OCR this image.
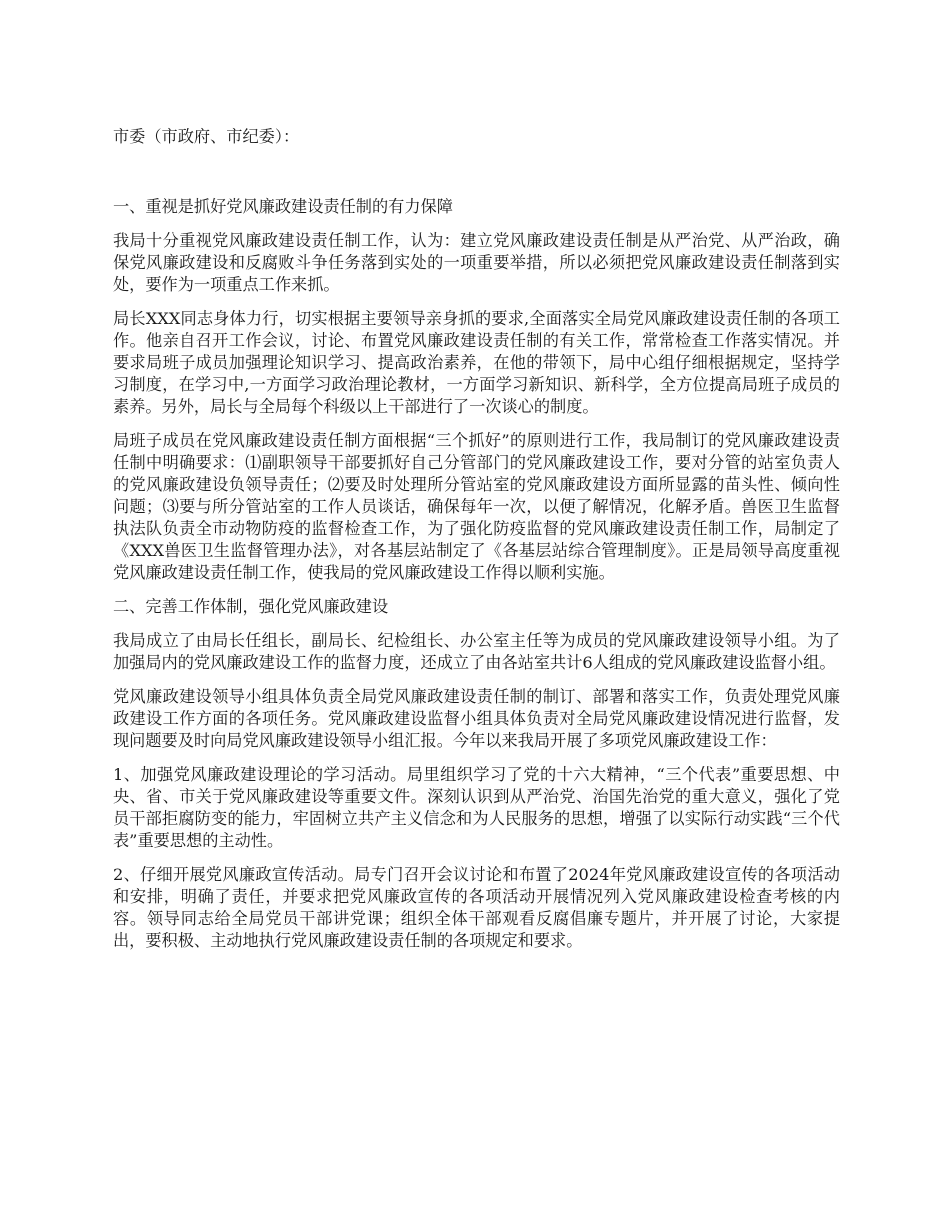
市委（市政府、市纪委）：

一、重视是抓好党风廉政建设责任制的有力保障

我局十分重视党风廉政建设责任制工作，认为：建立党风廉政建设责任制是从严治党、从严治政，确保党风廉政建设和反腐败斗争任务落到实处的一项重要举措，所以必须把党风廉政建设责任制落到实处，要作为一项重点工作来抓。

局长XXX同志身体力行，切实根据主要领导亲身抓的要求,全面落实全局党风廉政建设责任制的各项工作。他亲自召开工作会议，讨论、布置党风廉政建设责任制的有关工作，常常检查工作落实情况。并要求局班子成员加强理论知识学习、提高政治素养，在他的带领下，局中心组仔细根据规定，坚持学习制度，在学习中,一方面学习政治理论教材，一方面学习新知识、新科学，全方位提高局班子成员的素养。另外，局长与全局每个科级以上干部进行了一次谈心的制度。

局班子成员在党风廉政建设责任制方面根据“三个抓好”的原则进行工作，我局制订的党风廉政建设责任制中明确要求：⑴副职领导干部要抓好自己分管部门的党风廉政建设工作，要对分管的站室负责人的党风廉政建设负领导责任；⑵要及时处理所分管站室的党风廉政建设方面所显露的苗头性、倾向性问题；⑶要与所分管站室的工作人员谈话，确保每年一次，以便了解情况，化解矛盾。兽医卫生监督执法队负责全市动物防疫的监督检查工作，为了强化防疫监督的党风廉政建设责任制工作，局制定了《XXX兽医卫生监督管理办法》，对各基层站制定了《各基层站综合管理制度》。正是局领导高度重视党风廉政建设责任制工作，使我局的党风廉政建设工作得以顺利实施。

二、完善工作体制，强化党风廉政建设

我局成立了由局长任组长，副局长、纪检组长、办公室主任等为成员的党风廉政建设领导小组。为了加强局内的党风廉政建设工作的监督力度，还成立了由各站室共计6人组成的党风廉政建设监督小组。

党风廉政建设领导小组具体负责全局党风廉政建设责任制的制订、部署和落实工作，负责处理党风廉政建设工作方面的各项任务。党风廉政建设监督小组具体负责对全局党风廉政建设情况进行监督，发现问题要及时向局党风廉政建设领导小组汇报。今年以来我局开展了多项党风廉政建设工作：

1、加强党风廉政建设理论的学习活动。局里组织学习了党的十六大精神，“三个代表”重要思想、中央、省、市关于党风廉政建设等重要文件。深刻认识到从严治党、治国先治党的重大意义，强化了党员干部拒腐防变的能力，牢固树立共产主义信念和为人民服务的思想，增强了以实际行动实践“三个代表”重要思想的主动性。

2、仔细开展党风廉政宣传活动。局专门召开会议讨论和布置了2024年党风廉政建设宣传的各项活动和安排，明确了责任，并要求把党风廉政宣传的各项活动开展情况列入党风廉政建设检查考核的内容。领导同志给全局党员干部讲党课；组织全体干部观看反腐倡廉专题片，并开展了讨论，大家提出，要积极、主动地执行党风廉政建设责任制的各项规定和要求。
